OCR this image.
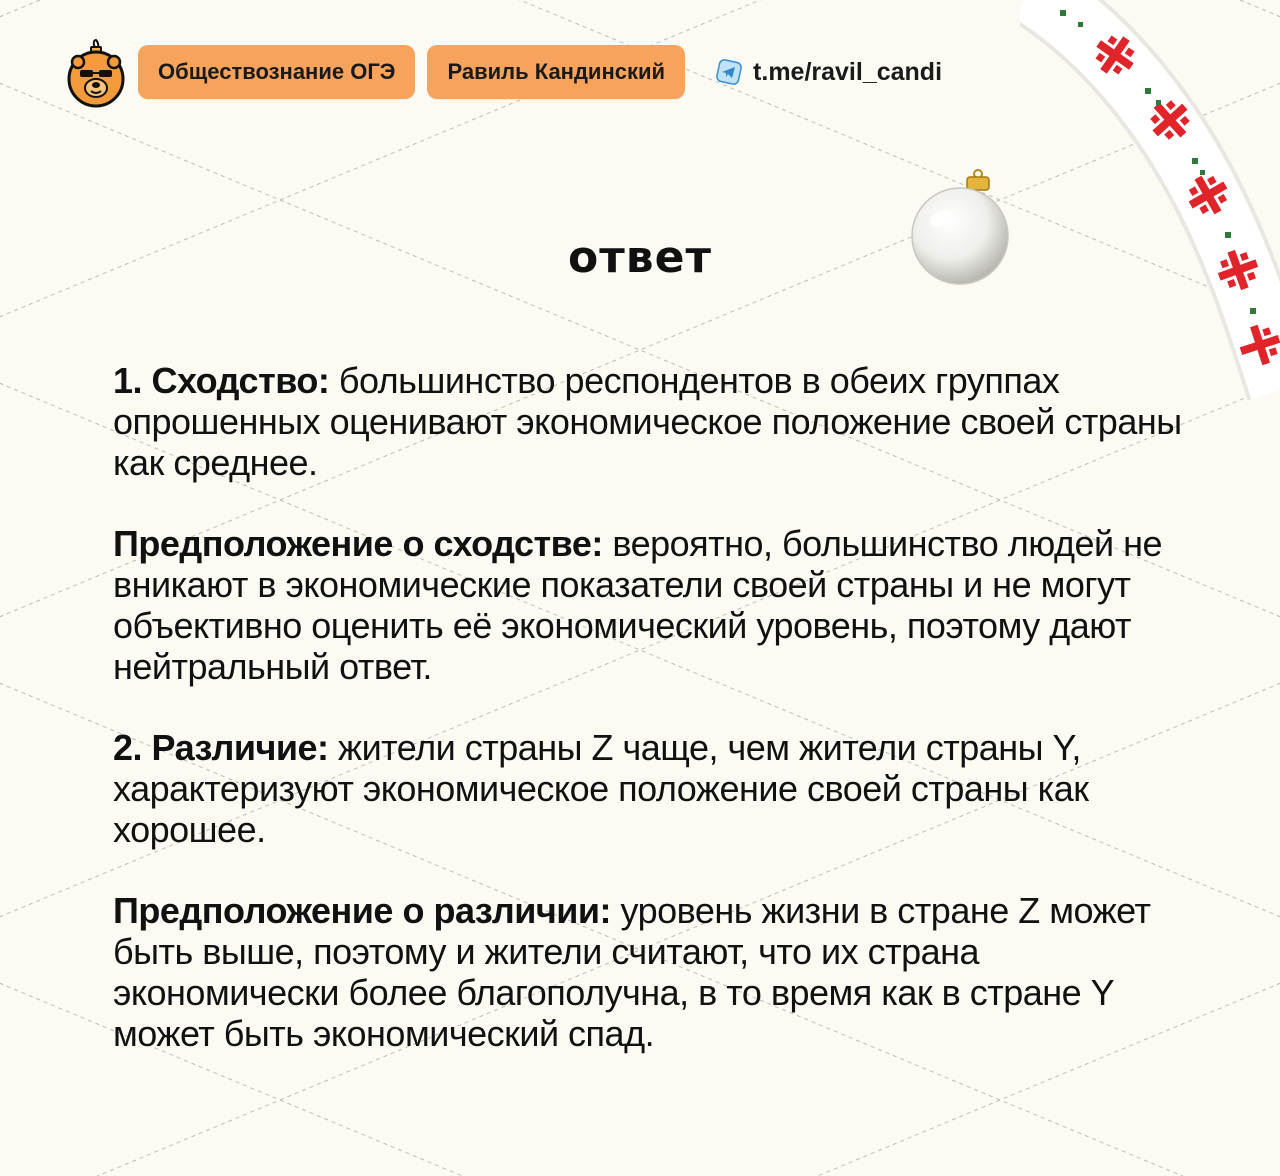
Обществознание ОГЭ	Равиль Кандинский	t.me/ravil_candi
ответ

1. Сходство: большинство респондентов в обеих группах опрошенных оценивают экономическое положение своей страны как среднее.

Предположение о сходстве: вероятно, большинство людей не вникают в экономические показатели своей страны и не могут объективно оценить её экономический уровень, поэтому дают нейтральный ответ.

2. Различие: жители страны Z чаще, чем жители страны Y, характеризуют экономическое положение своей страны как хорошее.

Предположение о различии: уровень жизни в стране Z может быть выше, поэтому и жители считают, что их страна экономически более благополучна, в то время как в стране Y может быть экономический спад.
